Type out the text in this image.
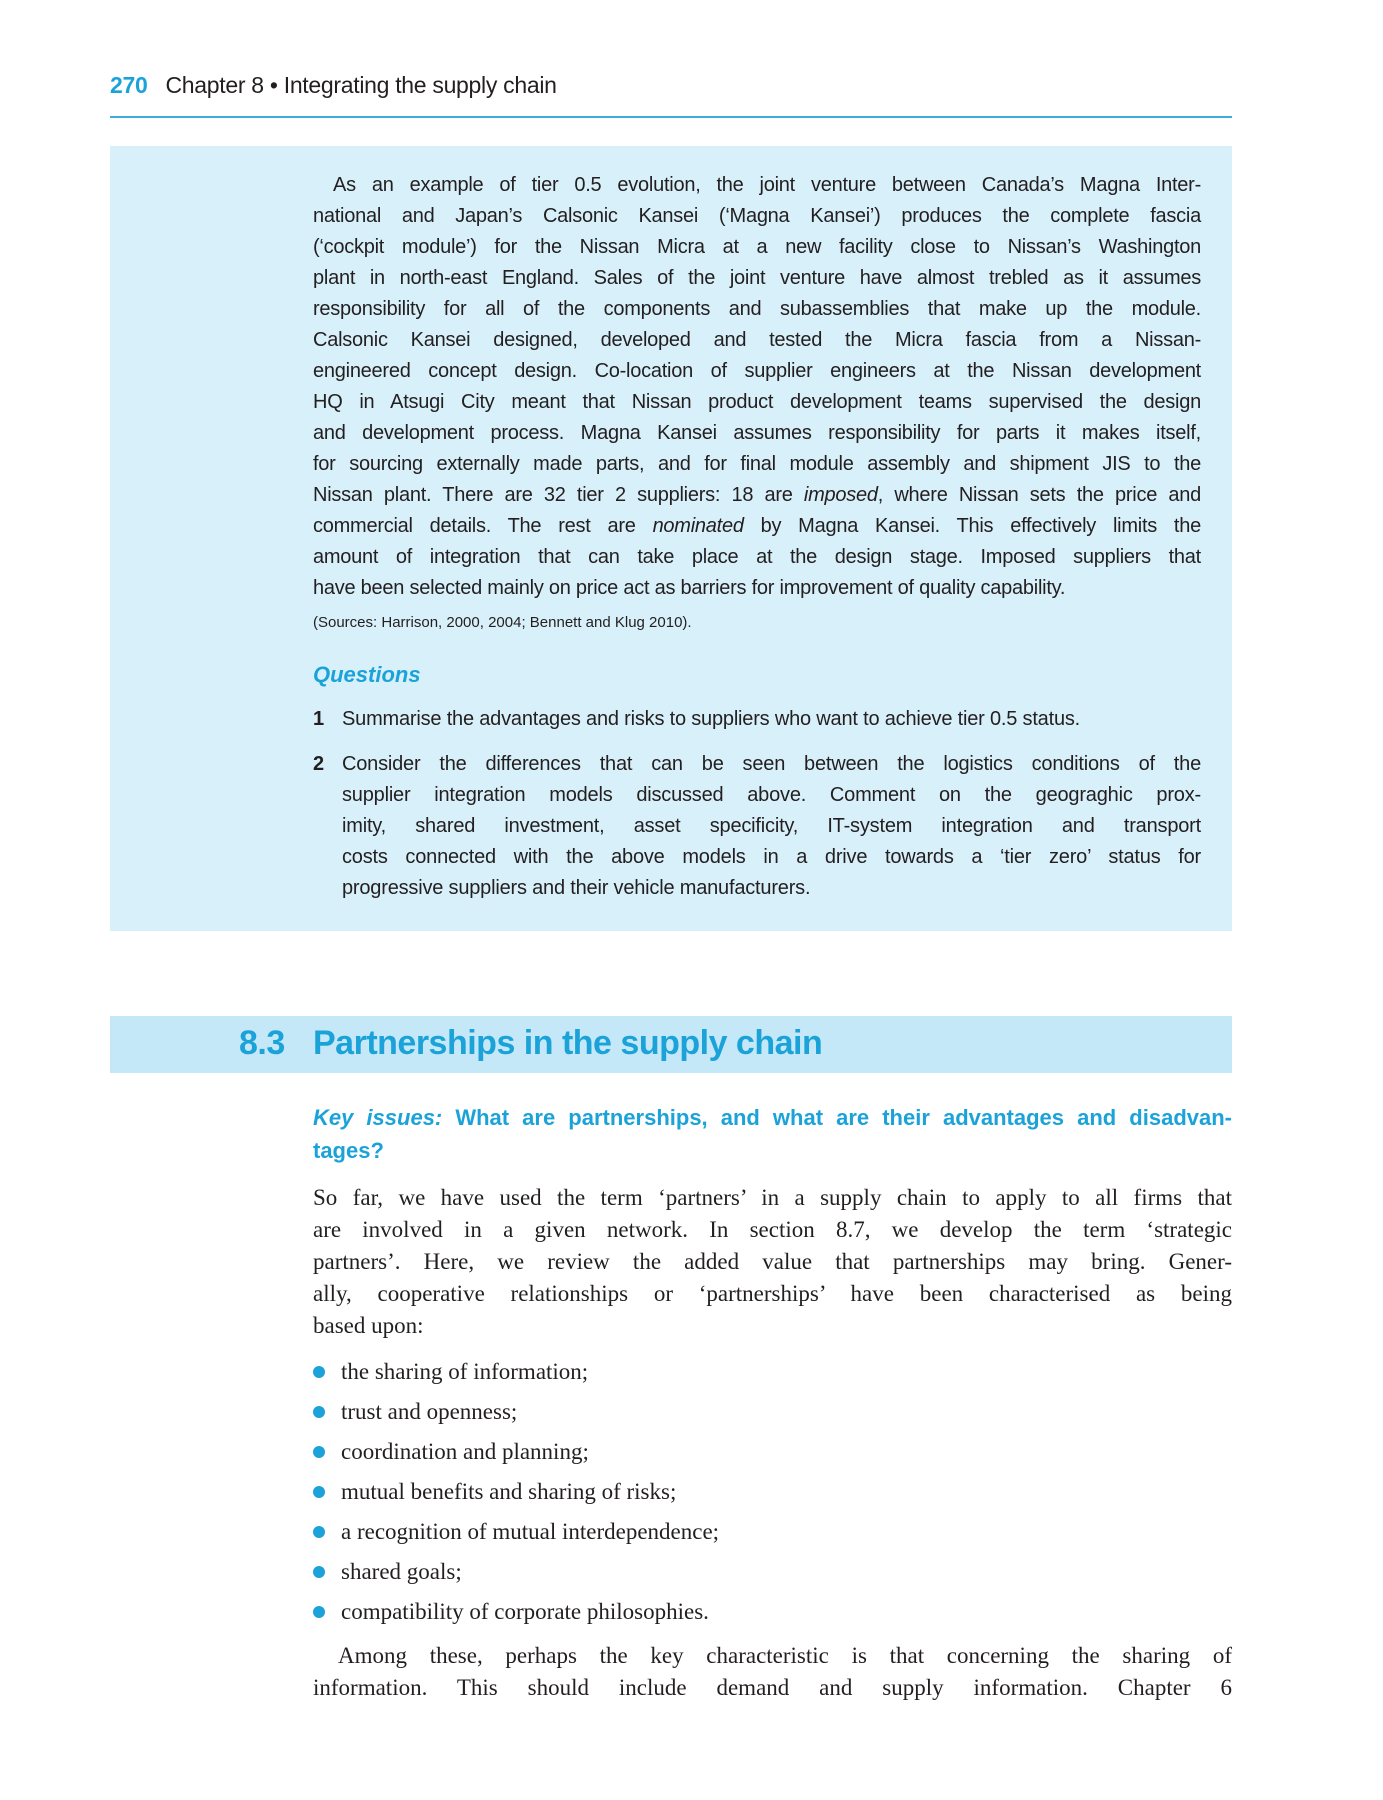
270 Chapter 8 • Integrating the supply chain
As an example of tier 0.5 evolution, the joint venture between Canada’s Magna Inter-
national and Japan’s Calsonic Kansei (‘Magna Kansei’) produces the complete fascia
(‘cockpit module’) for the Nissan Micra at a new facility close to Nissan’s Washington
plant in north-east England. Sales of the joint venture have almost trebled as it assumes
responsibility for all of the components and subassemblies that make up the module.
Calsonic Kansei designed, developed and tested the Micra fascia from a Nissan-
engineered concept design. Co-location of supplier engineers at the Nissan development
HQ in Atsugi City meant that Nissan product development teams supervised the design
and development process. Magna Kansei assumes responsibility for parts it makes itself,
for sourcing externally made parts, and for final module assembly and shipment JIS to the
Nissan plant. There are 32 tier 2 suppliers: 18 are imposed, where Nissan sets the price and
commercial details. The rest are nominated by Magna Kansei. This effectively limits the
amount of integration that can take place at the design stage. Imposed suppliers that
have been selected mainly on price act as barriers for improvement of quality capability.
(Sources: Harrison, 2000, 2004; Bennett and Klug 2010).
Questions
1 Summarise the advantages and risks to suppliers who want to achieve tier 0.5 status.
2 Consider the differences that can be seen between the logistics conditions of the
supplier integration models discussed above. Comment on the geograghic prox-
imity, shared investment, asset specificity, IT-system integration and transport
costs connected with the above models in a drive towards a ‘tier zero’ status for
progressive suppliers and their vehicle manufacturers.
8.3 Partnerships in the supply chain
Key issues: What are partnerships, and what are their advantages and disadvan-
tages?
So far, we have used the term ‘partners’ in a supply chain to apply to all firms that
are involved in a given network. In section 8.7, we develop the term ‘strategic
partners’. Here, we review the added value that partnerships may bring. Gener-
ally, cooperative relationships or ‘partnerships’ have been characterised as being
based upon:
the sharing of information;
trust and openness;
coordination and planning;
mutual benefits and sharing of risks;
a recognition of mutual interdependence;
shared goals;
compatibility of corporate philosophies.
Among these, perhaps the key characteristic is that concerning the sharing of
information. This should include demand and supply information. Chapter 6
